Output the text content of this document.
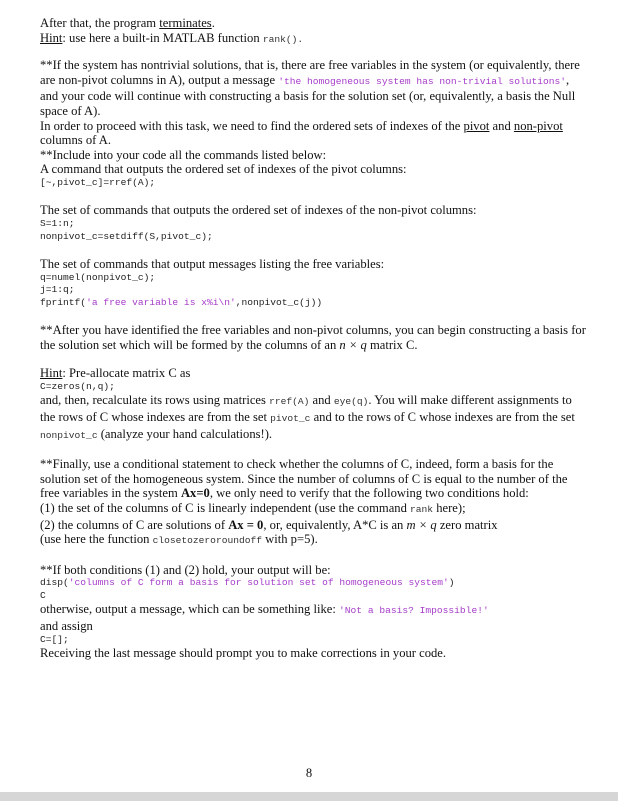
After that, the program terminates.

Hint: use here a built-in MATLAB function rank().

**If the system has nontrivial solutions, that is, there are free variables in the system (or equivalently, there are non-pivot columns in A), output a message 'the homogeneous system has non-trivial solutions', and your code will continue with constructing a basis for the solution set (or, equivalently, a basis the Null space of A).

In order to proceed with this task, we need to find the ordered sets of indexes of the pivot and non-pivot columns of A.

**Include into your code all the commands listed below:

A command that outputs the ordered set of indexes of the pivot columns:

[~,pivot_c]=rref(A);

The set of commands that outputs the ordered set of indexes of the non-pivot columns:

S=1:n;
nonpivot_c=setdiff(S,pivot_c);

The set of commands that output messages listing the free variables:

q=numel(nonpivot_c);
j=1:q;
fprintf('a free variable is x%i\n',nonpivot_c(j))

**After you have identified the free variables and non-pivot columns, you can begin constructing a basis for the solution set which will be formed by the columns of an n × q matrix C.

Hint: Pre-allocate matrix C as

C=zeros(n,q);

and, then, recalculate its rows using matrices rref(A) and eye(q). You will make different assignments to the rows of C whose indexes are from the set pivot_c and to the rows of C whose indexes are from the set nonpivot_c (analyze your hand calculations!).

**Finally, use a conditional statement to check whether the columns of C, indeed, form a basis for the solution set of the homogeneous system. Since the number of columns of C is equal to the number of the free variables in the system Ax=0, we only need to verify that the following two conditions hold:

(1) the set of the columns of C is linearly independent (use the command rank here);

(2) the columns of C are solutions of Ax = 0, or, equivalently, A*C is an m × q zero matrix

(use here the function closetozeroroundoff with p=5).

**If both conditions (1) and (2) hold, your output will be:

disp('columns of C form a basis for solution set of homogeneous system')
C

otherwise, output a message, which can be something like: 'Not a basis? Impossible!'

and assign

C=[];

Receiving the last message should prompt you to make corrections in your code.

8
